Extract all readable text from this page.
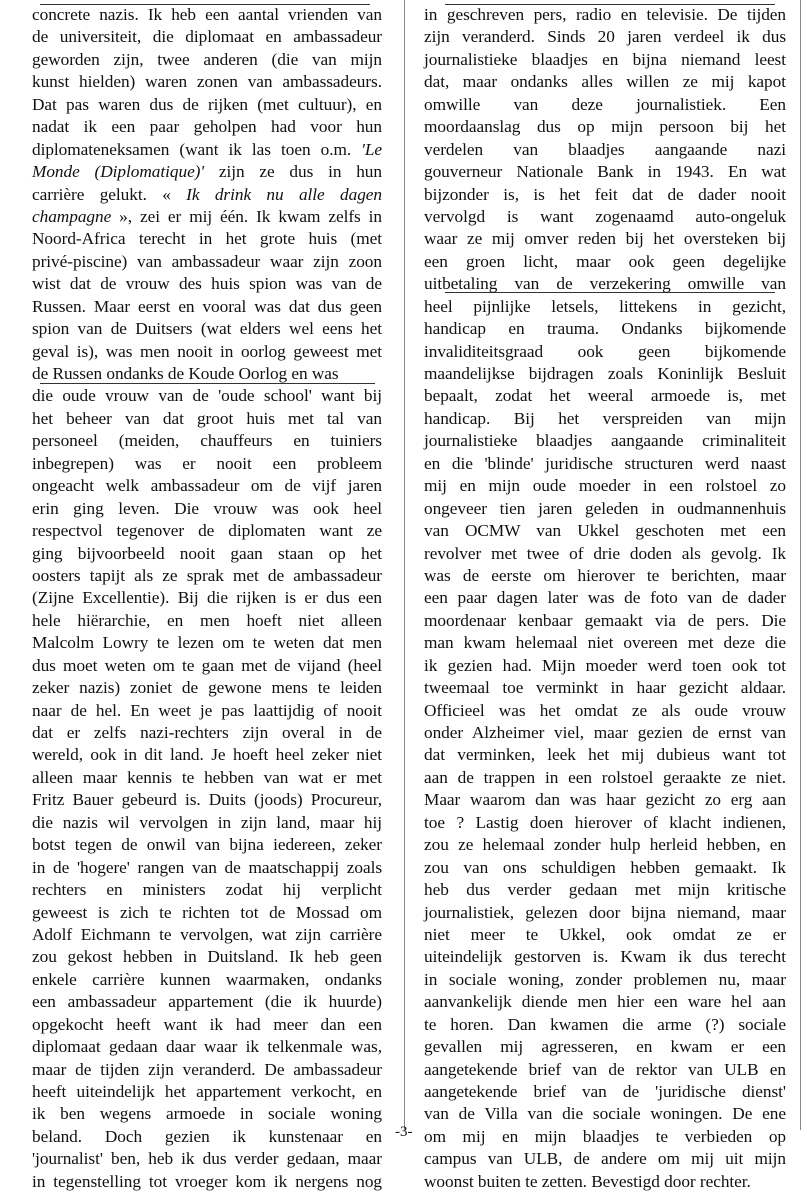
concrete nazis. Ik heb een aantal vrienden van
de universiteit, die diplomaat en ambassadeur
geworden zijn, twee anderen (die van mijn
kunst hielden) waren zonen van ambassadeurs.
Dat pas waren dus de rijken (met cultuur), en
nadat ik een paar geholpen had voor hun
diplomateneksamen (want ik las toen o.m. 'Le
Monde (Diplomatique)' zijn ze dus in hun
carrière gelukt. « Ik drink nu alle dagen
champagne », zei er mij één. Ik kwam zelfs in
Noord-Africa terecht in het grote huis (met
privé-piscine) van ambassadeur waar zijn zoon
wist dat de vrouw des huis spion was van de
Russen. Maar eerst en vooral was dat dus geen
spion van de Duitsers (wat elders wel eens het
geval is), was men nooit in oorlog geweest met
de Russen ondanks de Koude Oorlog en was
die oude vrouw van de 'oude school' want bij
het beheer van dat groot huis met tal van
personeel (meiden, chauffeurs en tuiniers
inbegrepen) was er nooit een probleem
ongeacht welk ambassadeur om de vijf jaren
erin ging leven. Die vrouw was ook heel
respectvol tegenover de diplomaten want ze
ging bijvoorbeeld nooit gaan staan op het
oosters tapijt als ze sprak met de ambassadeur
(Zijne Excellentie). Bij die rijken is er dus een
hele hiërarchie, en men hoeft niet alleen
Malcolm Lowry te lezen om te weten dat men
dus moet weten om te gaan met de vijand (heel
zeker nazis) zoniet de gewone mens te leiden
naar de hel. En weet je pas laattijdig of nooit
dat er zelfs nazi-rechters zijn overal in de
wereld, ook in dit land. Je hoeft heel zeker niet
alleen maar kennis te hebben van wat er met
Fritz Bauer gebeurd is. Duits (joods) Procureur,
die nazis wil vervolgen in zijn land, maar hij
botst tegen de onwil van bijna iedereen, zeker
in de 'hogere' rangen van de maatschappij zoals
rechters en ministers zodat hij verplicht
geweest is zich te richten tot de Mossad om
Adolf Eichmann te vervolgen, wat zijn carrière
zou gekost hebben in Duitsland. Ik heb geen
enkele carrière kunnen waarmaken, ondanks
een ambassadeur appartement (die ik huurde)
opgekocht heeft want ik had meer dan een
diplomaat gedaan daar waar ik telkenmale was,
maar de tijden zijn veranderd. De ambassadeur
heeft uiteindelijk het appartement verkocht, en
ik ben wegens armoede in sociale woning
beland. Doch gezien ik kunstenaar en
'journalist' ben, heb ik dus verder gedaan, maar
in tegenstelling tot vroeger kom ik nergens nog
in geschreven pers, radio en televisie. De tijden
zijn veranderd. Sinds 20 jaren verdeel ik dus
journalistieke blaadjes en bijna niemand leest
dat, maar ondanks alles willen ze mij kapot
omwille van deze journalistiek. Een
moordaanslag dus op mijn persoon bij het
verdelen van blaadjes aangaande nazi
gouverneur Nationale Bank in 1943. En wat
bijzonder is, is het feit dat de dader nooit
vervolgd is want zogenaamd auto-ongeluk
waar ze mij omver reden bij het oversteken bij
een groen licht, maar ook geen degelijke
uitbetaling van de verzekering omwille van
heel pijnlijke letsels, littekens in gezicht,
handicap en trauma. Ondanks bijkomende
invaliditeitsgraad ook geen bijkomende
maandelijkse bijdragen zoals Koninlijk Besluit
bepaalt, zodat het weeral armoede is, met
handicap. Bij het verspreiden van mijn
journalistieke blaadjes aangaande criminaliteit
en die 'blinde' juridische structuren werd naast
mij en mijn oude moeder in een rolstoel zo
ongeveer tien jaren geleden in oudmannenhuis
van OCMW van Ukkel geschoten met een
revolver met twee of drie doden als gevolg. Ik
was de eerste om hierover te berichten, maar
een paar dagen later was de foto van de dader
moordenaar kenbaar gemaakt via de pers. Die
man kwam helemaal niet overeen met deze die
ik gezien had. Mijn moeder werd toen ook tot
tweemaal toe verminkt in haar gezicht aldaar.
Officieel was het omdat ze als oude vrouw
onder Alzheimer viel, maar gezien de ernst van
dat verminken, leek het mij dubieus want tot
aan de trappen in een rolstoel geraakte ze niet.
Maar waarom dan was haar gezicht zo erg aan
toe ? Lastig doen hierover of klacht indienen,
zou ze helemaal zonder hulp herleid hebben, en
zou van ons schuldigen hebben gemaakt. Ik
heb dus verder gedaan met mijn kritische
journalistiek, gelezen door bijna niemand, maar
niet meer te Ukkel, ook omdat ze er
uiteindelijk gestorven is. Kwam ik dus terecht
in sociale woning, zonder problemen nu, maar
aanvankelijk diende men hier een ware hel aan
te horen. Dan kwamen die arme (?) sociale
gevallen mij agresseren, en kwam er een
aangetekende brief van de rektor van ULB en
aangetekende brief van de 'juridische dienst'
van de Villa van die sociale woningen. De ene
om mij en mijn blaadjes te verbieden op
campus van ULB, de andere om mij uit mijn
woonst buiten te zetten. Bevestigd door rechter.
-3-
